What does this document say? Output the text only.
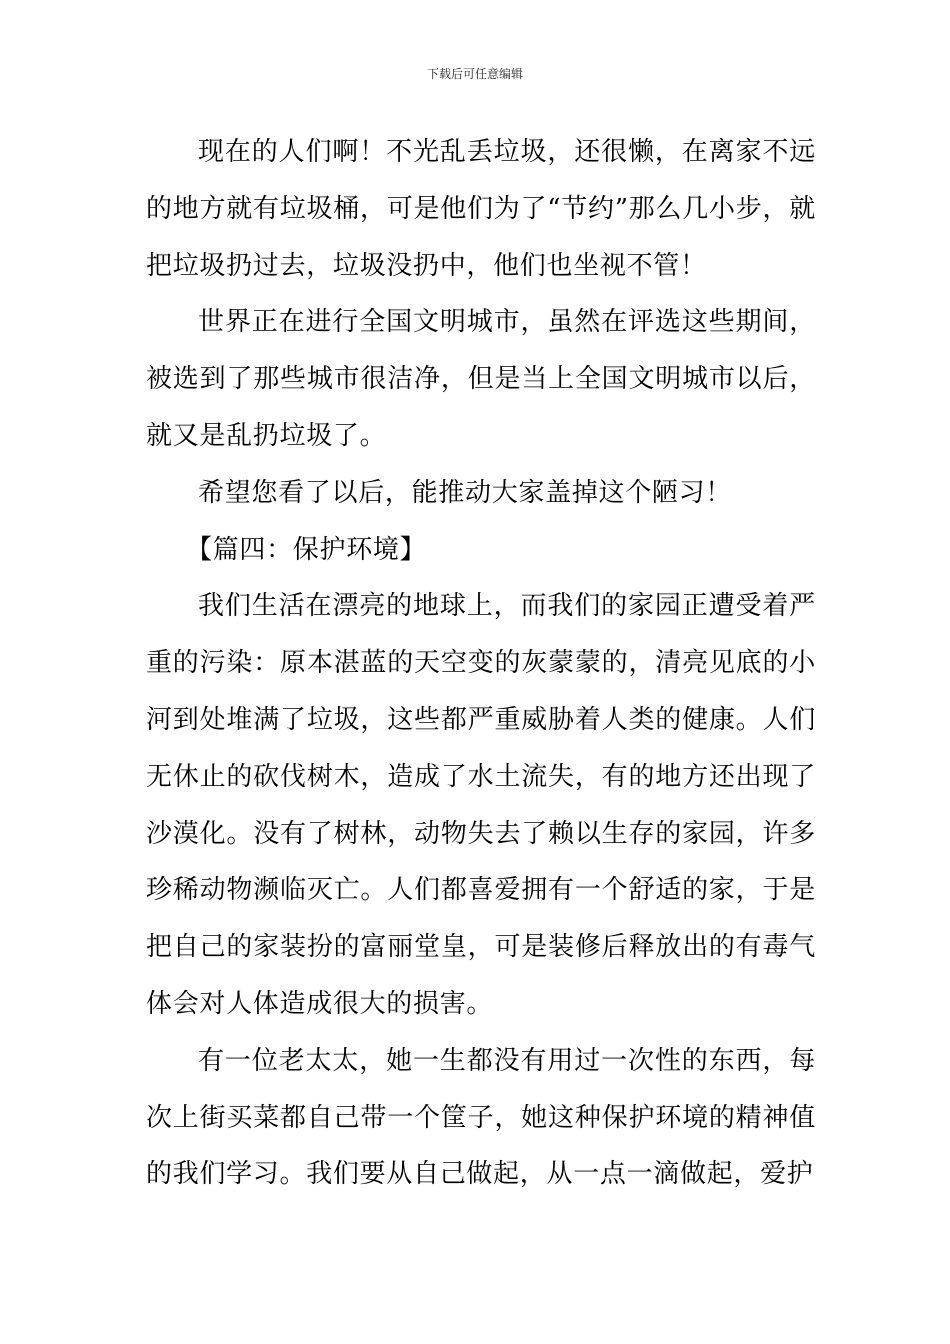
下载后可任意编辑

现在的人们啊！不光乱丢垃圾，还很懒，在离家不远的地方就有垃圾桶，可是他们为了“节约”那么几小步，就把垃圾扔过去，垃圾没扔中，他们也坐视不管！

世界正在进行全国文明城市，虽然在评选这些期间，被选到了那些城市很洁净，但是当上全国文明城市以后，就又是乱扔垃圾了。

希望您看了以后，能推动大家盖掉这个陋习！

【篇四：保护环境】

我们生活在漂亮的地球上，而我们的家园正遭受着严重的污染：原本湛蓝的天空变的灰蒙蒙的，清亮见底的小河到处堆满了垃圾，这些都严重威胁着人类的健康。人们无休止的砍伐树木，造成了水土流失，有的地方还出现了沙漠化。没有了树林，动物失去了赖以生存的家园，许多珍稀动物濒临灭亡。人们都喜爱拥有一个舒适的家，于是把自己的家装扮的富丽堂皇，可是装修后释放出的有毒气体会对人体造成很大的损害。

有一位老太太，她一生都没有用过一次性的东西，每次上街买菜都自己带一个筐子，她这种保护环境的精神值的我们学习。我们要从自己做起，从一点一滴做起，爱护
